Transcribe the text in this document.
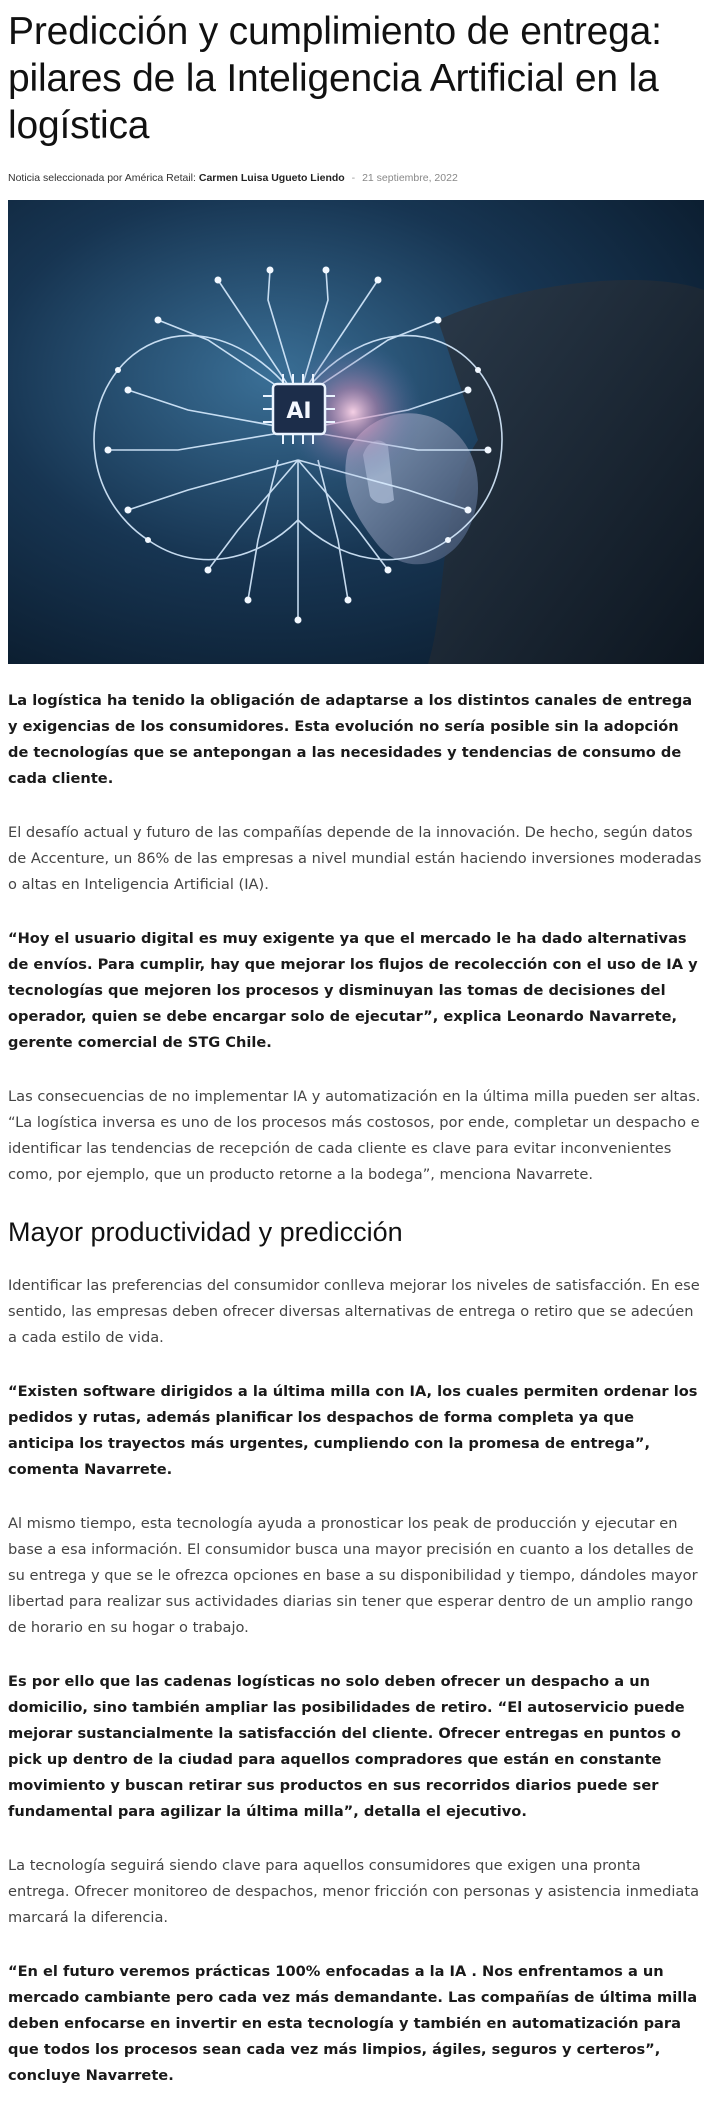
Predicción y cumplimiento de entrega: pilares de la Inteligencia Artificial en la logística
Noticia seleccionada por América Retail: Carmen Luisa Ugueto Liendo - 21 septiembre, 2022
AI

La logística ha tenido la obligación de adaptarse a los distintos canales de entrega y exigencias de los consumidores. Esta evolución no sería posible sin la adopción de tecnologías que se antepongan a las necesidades y tendencias de consumo de cada cliente.

El desafío actual y futuro de las compañías depende de la innovación. De hecho, según datos de Accenture, un 86% de las empresas a nivel mundial están haciendo inversiones moderadas o altas en Inteligencia Artificial (IA).

“Hoy el usuario digital es muy exigente ya que el mercado le ha dado alternativas de envíos. Para cumplir, hay que mejorar los flujos de recolección con el uso de IA y tecnologías que mejoren los procesos y disminuyan las tomas de decisiones del operador, quien se debe encargar solo de ejecutar”, explica Leonardo Navarrete, gerente comercial de STG Chile.

Las consecuencias de no implementar IA y automatización en la última milla pueden ser altas. “La logística inversa es uno de los procesos más costosos, por ende, completar un despacho e identificar las tendencias de recepción de cada cliente es clave para evitar inconvenientes como, por ejemplo, que un producto retorne a la bodega”, menciona Navarrete.

Mayor productividad y predicción

Identificar las preferencias del consumidor conlleva mejorar los niveles de satisfacción. En ese sentido, las empresas deben ofrecer diversas alternativas de entrega o retiro que se adecúen a cada estilo de vida.

“Existen software dirigidos a la última milla con IA, los cuales permiten ordenar los pedidos y rutas, además planificar los despachos de forma completa ya que anticipa los trayectos más urgentes, cumpliendo con la promesa de entrega”, comenta Navarrete.

Al mismo tiempo, esta tecnología ayuda a pronosticar los peak de producción y ejecutar en base a esa información. El consumidor busca una mayor precisión en cuanto a los detalles de su entrega y que se le ofrezca opciones en base a su disponibilidad y tiempo, dándoles mayor libertad para realizar sus actividades diarias sin tener que esperar dentro de un amplio rango de horario en su hogar o trabajo.

Es por ello que las cadenas logísticas no solo deben ofrecer un despacho a un domicilio, sino también ampliar las posibilidades de retiro. “El autoservicio puede mejorar sustancialmente la satisfacción del cliente. Ofrecer entregas en puntos o pick up dentro de la ciudad para aquellos compradores que están en constante movimiento y buscan retirar sus productos en sus recorridos diarios puede ser fundamental para agilizar la última milla”, detalla el ejecutivo.

La tecnología seguirá siendo clave para aquellos consumidores que exigen una pronta entrega. Ofrecer monitoreo de despachos, menor fricción con personas y asistencia inmediata marcará la diferencia.

“En el futuro veremos prácticas 100% enfocadas a la IA . Nos enfrentamos a un mercado cambiante pero cada vez más demandante. Las compañías de última milla deben enfocarse en invertir en esta tecnología y también en automatización para que todos los procesos sean cada vez más limpios, ágiles, seguros y certeros”, concluye Navarrete.
